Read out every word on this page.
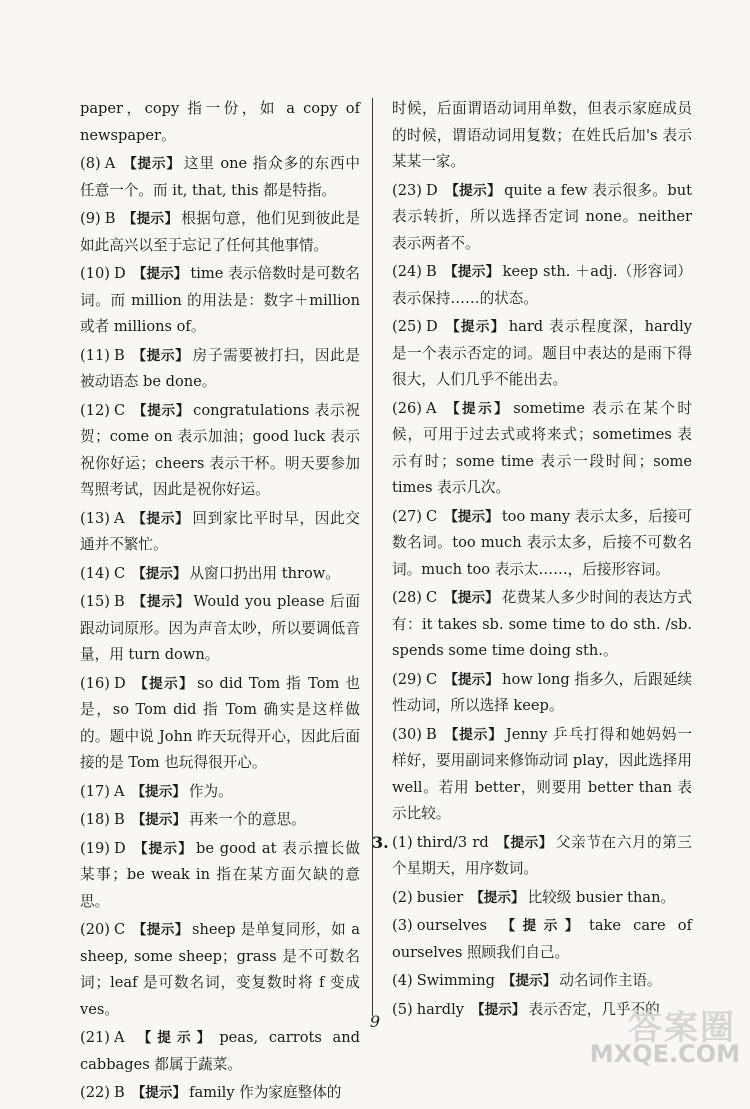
paper，copy 指一份，如 a copy of newspaper。

(8) A 【提示】 这里 one 指众多的东西中任意一个。而 it, that, this 都是特指。

(9) B 【提示】 根据句意，他们见到彼此是如此高兴以至于忘记了任何其他事情。

(10) D 【提示】 time 表示倍数时是可数名词。而 million 的用法是：数字＋million 或者 millions of。

(11) B 【提示】 房子需要被打扫，因此是被动语态 be done。

(12) C 【提示】 congratulations 表示祝贺；come on 表示加油；good luck 表示祝你好运；cheers 表示干杯。明天要参加驾照考试，因此是祝你好运。

(13) A 【提示】 回到家比平时早，因此交通并不繁忙。

(14) C 【提示】 从窗口扔出用 throw。

(15) B 【提示】 Would you please 后面跟动词原形。因为声音太吵，所以要调低音量，用 turn down。

(16) D 【提示】 so did Tom 指 Tom 也是，so Tom did 指 Tom 确实是这样做的。题中说 John 昨天玩得开心，因此后面接的是 Tom 也玩得很开心。

(17) A 【提示】 作为。

(18) B 【提示】 再来一个的意思。

(19) D 【提示】 be good at 表示擅长做某事；be weak in 指在某方面欠缺的意思。

(20) C 【提示】 sheep 是单复同形，如 a sheep, some sheep；grass 是不可数名词；leaf 是可数名词，变复数时将 f 变成 ves。

(21) A 【提示】 peas, carrots and cabbages 都属于蔬菜。

(22) B 【提示】 family 作为家庭整体的

时候，后面谓语动词用单数，但表示家庭成员的时候，谓语动词用复数；在姓氏后加's 表示某某一家。

(23) D 【提示】 quite a few 表示很多。but 表示转折，所以选择否定词 none。neither 表示两者不。

(24) B 【提示】 keep sth. ＋adj.（形容词）表示保持……的状态。

(25) D 【提示】 hard 表示程度深，hardly 是一个表示否定的词。题目中表达的是雨下得很大，人们几乎不能出去。

(26) A 【提示】 sometime 表示在某个时候，可用于过去式或将来式；sometimes 表示有时；some time 表示一段时间；some times 表示几次。

(27) C 【提示】 too many 表示太多，后接可数名词。too much 表示太多，后接不可数名词。much too 表示太……，后接形容词。

(28) C 【提示】 花费某人多少时间的表达方式有：it takes sb. some time to do sth. /sb. spends some time doing sth.。

(29) C 【提示】 how long 指多久，后跟延续性动词，所以选择 keep。

(30) B 【提示】 Jenny 乒乓打得和她妈妈一样好，要用副词来修饰动词 play，因此选择用 well。若用 better，则要用 better than 表示比较。

3. (1) third/3 rd 【提示】 父亲节在六月的第三个星期天，用序数词。

(2) busier 【提示】 比较级 busier than。

(3) ourselves 【提示】 take care of ourselves 照顾我们自己。

(4) Swimming 【提示】 动名词作主语。

(5) hardly 【提示】 表示否定，几乎不的

9	答案圈
MXQE.COM
